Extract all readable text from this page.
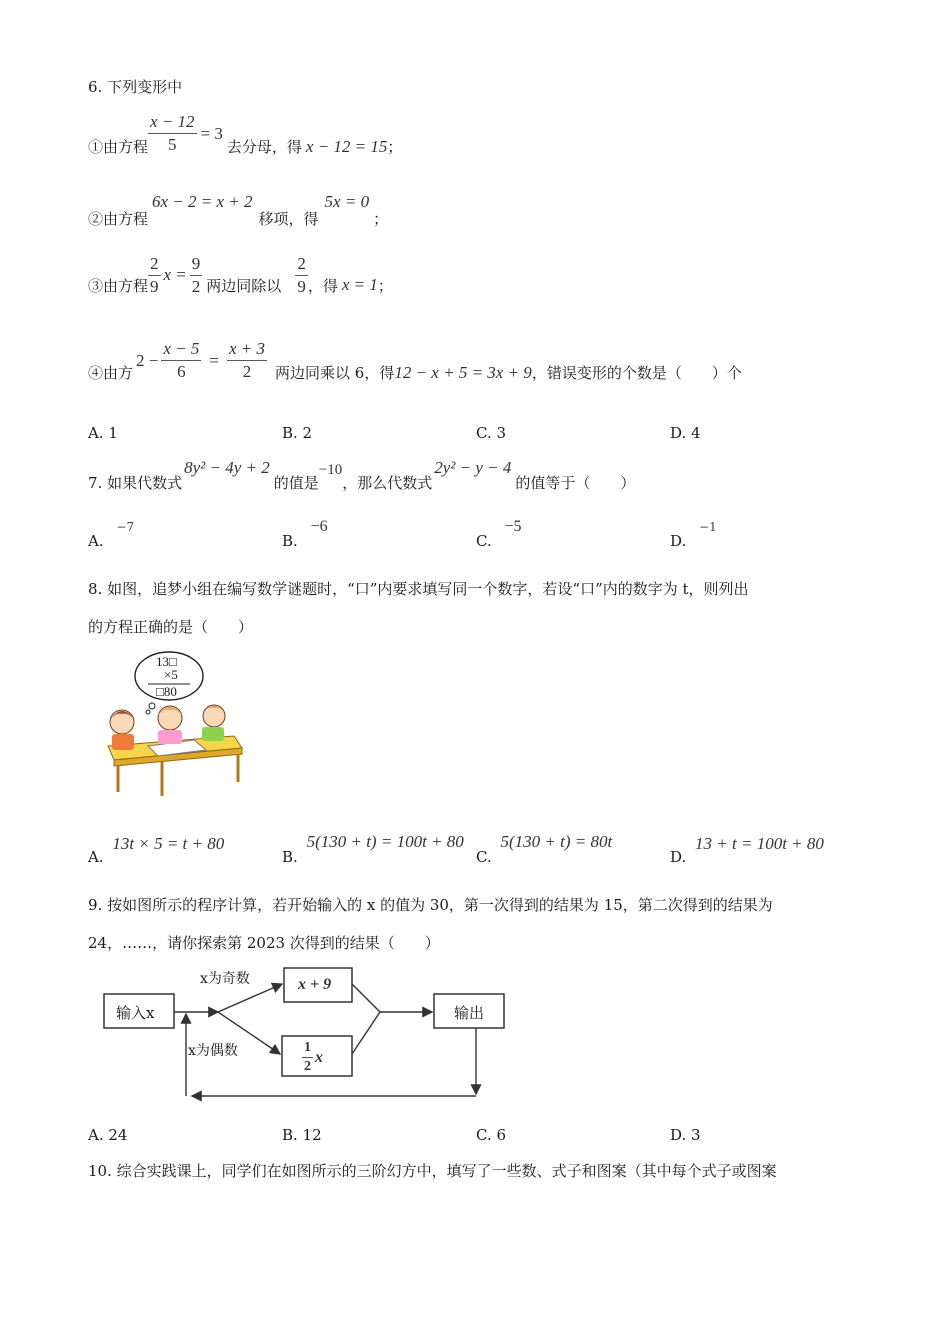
6. 下列变形中
①由方程 $\frac{x - 12}{5} = 3$
去分母，得 x − 12 = 15 ；
②由方程
6x − 2 = x + 2
移项，得
5x = 0
；
③由方程 $\frac{2}{9}$ $x = \frac{9}{2}$ 两边同除以 $\frac{2}{9}$ ，得 x = 1 ；
④由方
$2 - \frac{x - 5}{6} = \frac{x + 3}{2}$ 两边同乘以 6，得 12 − x + 5 = 3x + 9 ，错误变形的个数是（　　）个
A. 1	B. 2	C. 3	D. 4
7. 如果代数式
8y² − 4y + 2
的值是
−10
，那么代数式
2y² − y − 4
的值等于（　　）
A. $^{-7}$
B. −6
C. −5
D. $^{-1}$
8. 如图，追梦小组在编写数学谜题时，“口”内要求填写同一个数字，若设“口”内的数字为 t，则列出
的方程正确的是（　　）
13□
×5
□80
A. 13t × 5 = t + 80
B. 5(130 + t) = 100t + 80
C. 5(130 + t) = 80t
D. 13 + t = 100t + 80
9. 按如图所示的程序计算，若开始输入的 x 的值为 30，第一次得到的结果为 15，第二次得到的结果为
24，……，请你探索第 2023 次得到的结果（　　）
输入x
x为奇数
x为偶数
x + 9
$\frac{1}{2}$ x
输出
A. 24	B. 12	C. 6	D. 3
10. 综合实践课上，同学们在如图所示的三阶幻方中，填写了一些数、式子和图案（其中每个式子或图案
